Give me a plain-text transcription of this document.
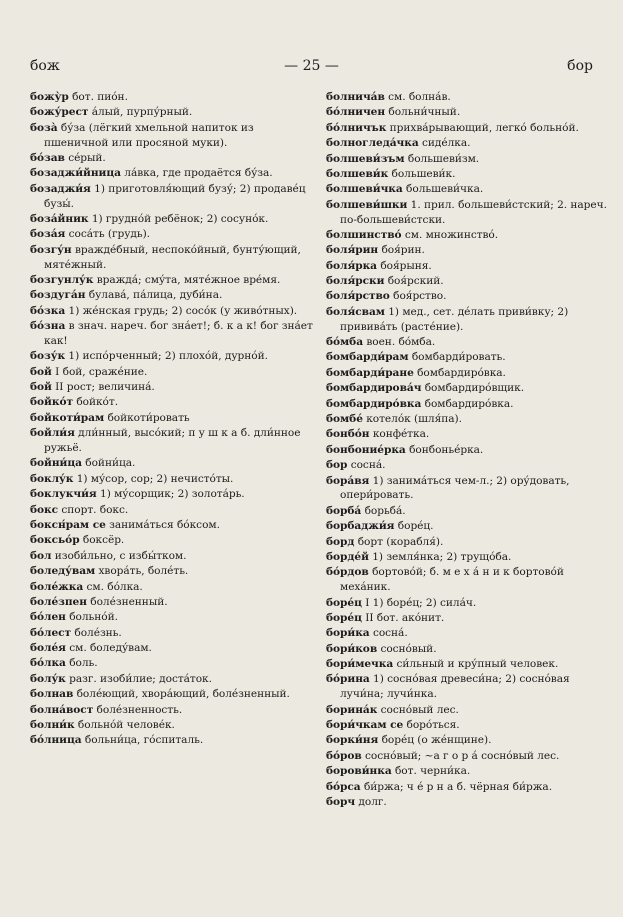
бож	— 25 —	бор
божу̀р бот. пио́н.
божу́рест а́лый, пурпу́рный.
боза̀ бу́за (лёгкий хмельной напиток из пшеничной или просяной муки).
бо́зав се́рый.
бозаджи́йница ла́вка, где продаётся бу́за.
бозаджи́я 1) приготовля́ющий бузу́; 2) продаве́ц бузы́.
боза́йник 1) грудно́й ребёнок; 2) сосуно́к.
боза́я соса́ть (грудь).
бозгу́н вражде́бный, неспоко́йный, бунту́ющий, мяте́жный.
бозгунлу́к вражда́; сму́та, мяте́жное вре́мя.
боздуга́н булава́, па́лица, дуби́на.
бо́зка 1) же́нская грудь; 2) сосо́к (у живо́тных).
бо́зна в знач. нареч. бог зна́ет!; б. к а к! бог зна́ет как!
бозу́к 1) испо́рченный; 2) плохо́й, дурно́й.
бой I бой, сраже́ние.
бой II рост; величина́.
бойко́т бойко́т.
бойкоти́рам бойкоти́ровать
бойли́я дли́нный, высо́кий; п у ш к а б. дли́нное ружьё.
бойни́ца бойни́ца.
боклу́к 1) му́сор, сор; 2) нечисто́ты.
боклукчи́я 1) му́сорщик; 2) золота́рь.
бокс спорт. бокс.
боксн́рам се занима́ться бо́ксом.
боксьо́р боксёр.
бол изоби́льно, с избы́тком.
боледу́вам хвора́ть, боле́ть.
боле́жка см. бо́лка.
боле́зпен боле́зненный.
бо́лен больно́й.
бо́лест боле́знь.
боле́я см. боледу́вам.
бо́лка боль.
болу́к разг. изоби́лие; доста́ток.
болнав боле́ющий, хвора́ющий, боле́зненный.
болна́вост боле́зненность.
болни́к больно́й челове́к.
бо́лница больни́ца, го́спиталь.
болнича́в см. болна́в.
бо́лничен больни́чный.
бо́лничък прихва́рывающий, легко́ больно́й.
болногледа́чка сиде́лка.
болшеви́зъм большеви́зм.
болшеви́к большеви́к.
болшеви́чка большеви́чка.
болшеви́шки 1. прил. большеви́стский; 2. нареч. по-большеви́стски.
болшинство́ см. множинство́.
боля́рин боя́рин.
боля́рка боя́рыня.
боля́рски боя́рский.
боля́рство боя́рство.
боля́свам 1) мед., сет. де́лать приви́вку; 2) привива́ть (расте́ние).
бо́мба воен. бо́мба.
бомбарди́рам бомбарди́ровать.
бомбарди́ране бомбардиро́вка.
бомбардирова́ч бомбардиро́вщик.
бомбардиро́вка бомбардиро́вка.
бомбе́ котело́к (шля́па).
бонбо́н конфе́тка.
бонбоние́рка бонбонье́рка.
бор сосна́.
бора́вя 1) занима́ться чем-л.; 2) ору́довать, опери́ровать.
борба́ борьба́.
борбаджи́я боре́ц.
борд борт (корабля́).
борде́й 1) земля́нка; 2) трущо́ба.
бо́рдов бортово́й; б. м е х а́ н и к бортово́й меха́ник.
боре́ц I 1) боре́ц; 2) сила́ч.
боре́ц II бот. ако́нит.
бори́ка сосна́.
бори́ков сосно́вый.
бори́мечка си́льный и кру́пный человек.
бо́рина 1) сосно́вая древеси́на; 2) сосно́вая лучи́на; лучи́нка.
борина́к сосно́вый лес.
бори́чкам се боро́ться.
борки́ня боре́ц (о же́нщине).
бо́ров сосно́вый; ~а г о р а́ сосно́вый лес.
борови́нка бот. черни́ка.
бо́рса би́ржа; ч е́ р н а б. чёрная би́ржа.
борч долг.
